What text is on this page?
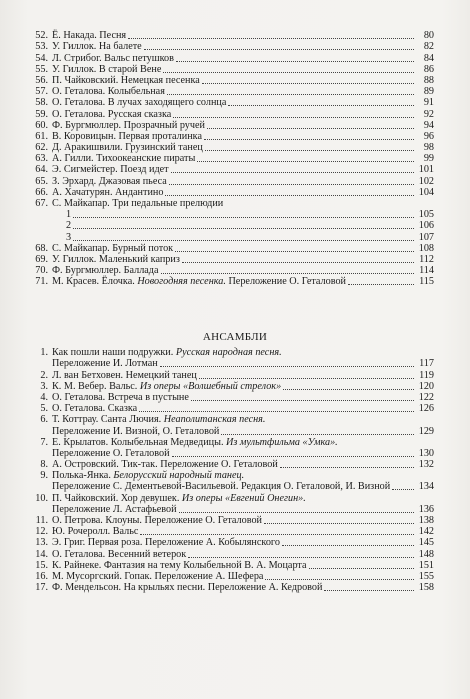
52. Ё. Накада. Песня	80
53. У. Гиллок. На балете	82
54. Л. Стрибог. Вальс петушков	84
55. У. Гиллок. В старой Вене	86
56. П. Чайковский. Немецкая песенка	88
57. О. Геталова. Колыбельная	89
58. О. Геталова. В лучах заходящего солнца	91
59. О. Геталова. Русская сказка	92
60. Ф. Бургмюллер. Прозрачный ручей	94
61. В. Коровицын. Первая проталинка	96
62. Д. Аракишвили. Грузинский танец	98
63. А. Гилли. Тихоокеанские пираты	99
64. Э. Сигмейстер. Поезд идет	101
65. З. Эрхард. Джазовая пьеса	102
66. А. Хачатурян. Андантино	104
67. С. Майкапар. Три педальные прелюдии
1	105
2	106
3	107
68. С. Майкапар. Бурный поток	108
69. У. Гиллок. Маленький каприз	112
70. Ф. Бургмюллер. Баллада	114
71. М. Красев. Ёлочка. Новогодняя песенка. Переложение О. Геталовой	115
АНСАМБЛИ
1. Как пошли наши подружки. Русская народная песня.
Переложение И. Лотман	117
2. Л. ван Бетховен. Немецкий танец	119
3. К. М. Вебер. Вальс. Из оперы «Волшебный стрелок»	120
4. О. Геталова. Встреча в пустыне	122
5. О. Геталова. Сказка	126
6. Т. Коттрау. Санта Лючия. Неаполитанская песня.
Переложение И. Визной, О. Геталовой	129
7. Е. Крылатов. Колыбельная Медведицы. Из мультфильма «Умка».
Переложение О. Геталовой	130
8. А. Островский. Тик-так. Переложение О. Геталовой	132
9. Полька-Янка. Белорусский народный танец.
Переложение С. Дементьевой-Васильевой. Редакция О. Геталовой, И. Визной	134
10. П. Чайковский. Хор девушек. Из оперы «Евгений Онегин».
Переложение Л. Астафьевой	136
11. О. Петрова. Клоуны. Переложение О. Геталовой	138
12. Ю. Рочеролл. Вальс	142
13. Э. Григ. Первая роза. Переложение А. Кобылянского	145
14. О. Геталова. Весенний ветерок	148
15. К. Райнеке. Фантазия на тему Колыбельной В. А. Моцарта	151
16. М. Мусоргский. Гопак. Переложение А. Шефера	155
17. Ф. Мендельсон. На крыльях песни. Переложение А. Кедровой	158
